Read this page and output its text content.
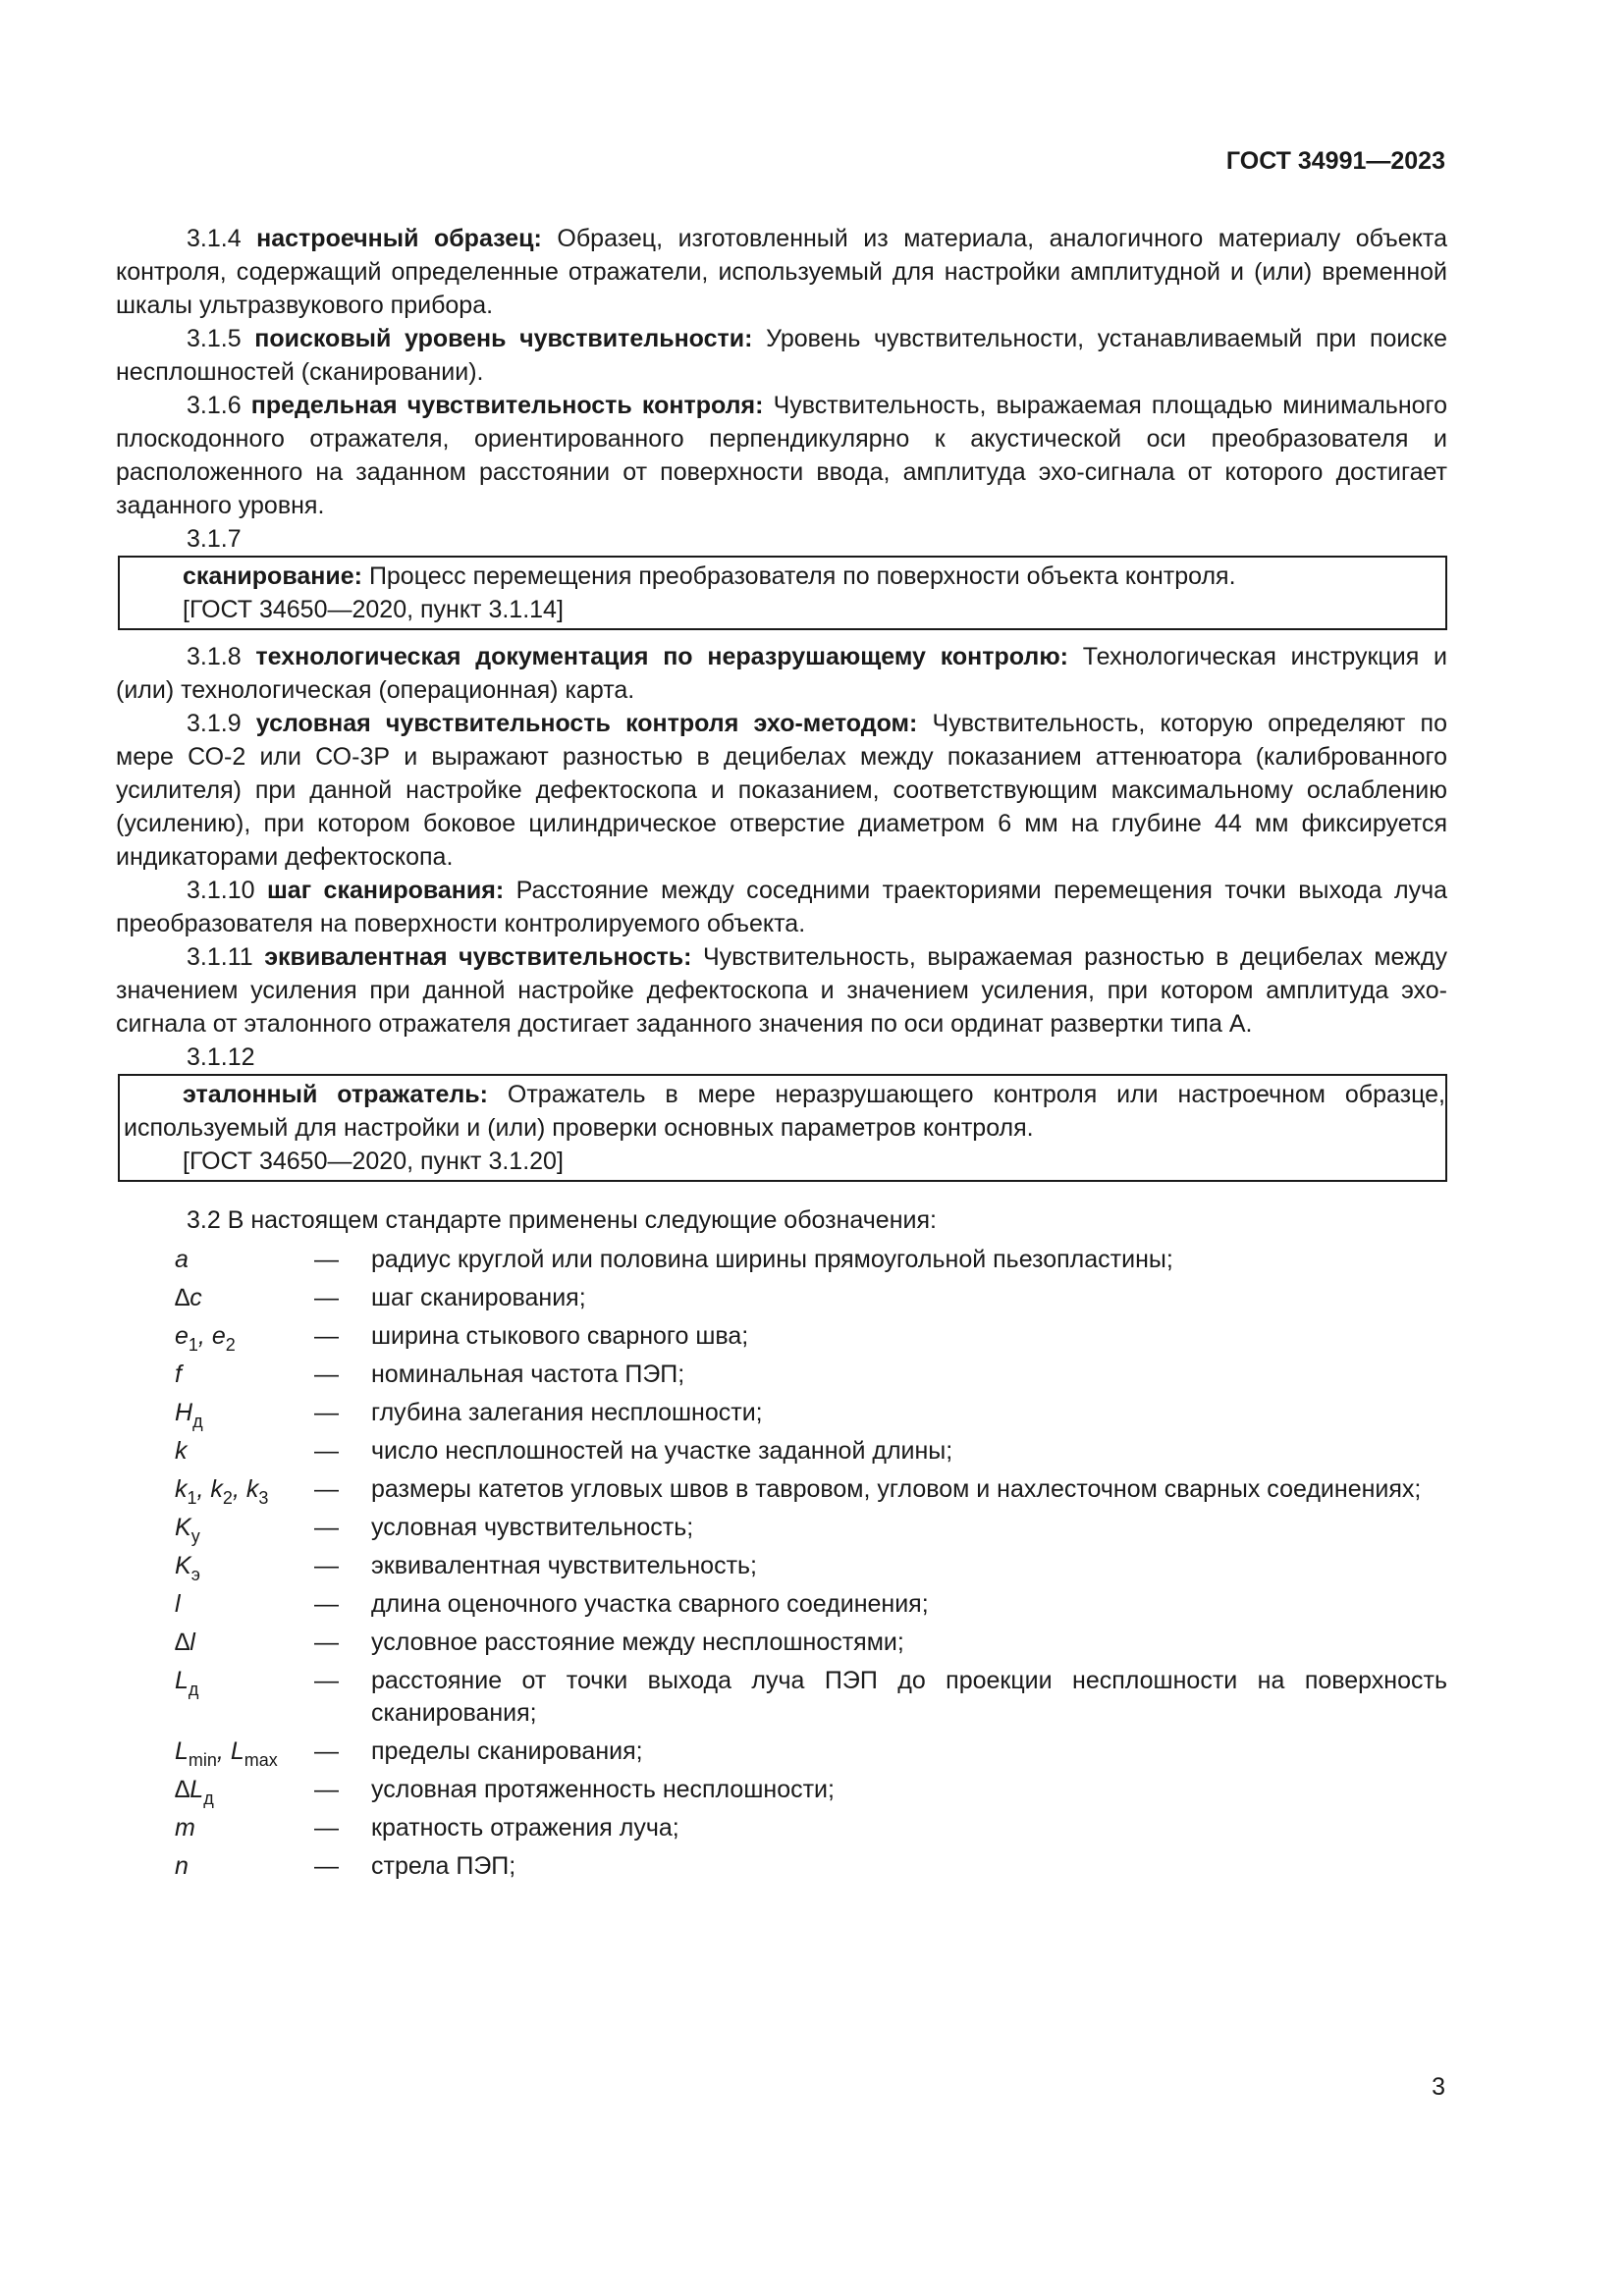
ГОСТ 34991—2023

3.1.4 настроечный образец: Образец, изготовленный из материала, аналогичного материалу объекта контроля, содержащий определенные отражатели, используемый для настройки амплитудной и (или) временной шкалы ультразвукового прибора.

3.1.5 поисковый уровень чувствительности: Уровень чувствительности, устанавливаемый при поиске несплошностей (сканировании).

3.1.6 предельная чувствительность контроля: Чувствительность, выражаемая площадью минимального плоскодонного отражателя, ориентированного перпендикулярно к акустической оси преобразователя и расположенного на заданном расстоянии от поверхности ввода, амплитуда эхо-сигнала от которого достигает заданного уровня.

3.1.7

сканирование: Процесс перемещения преобразователя по поверхности объекта контроля.

[ГОСТ 34650—2020, пункт 3.1.14]

3.1.8 технологическая документация по неразрушающему контролю: Технологическая инструкция и (или) технологическая (операционная) карта.

3.1.9 условная чувствительность контроля эхо-методом: Чувствительность, которую определяют по мере СО-2 или СО-3Р и выражают разностью в децибелах между показанием аттенюатора (калиброванного усилителя) при данной настройке дефектоскопа и показанием, соответствующим максимальному ослаблению (усилению), при котором боковое цилиндрическое отверстие диаметром 6 мм на глубине 44 мм фиксируется индикаторами дефектоскопа.

3.1.10 шаг сканирования: Расстояние между соседними траекториями перемещения точки выхода луча преобразователя на поверхности контролируемого объекта.

3.1.11 эквивалентная чувствительность: Чувствительность, выражаемая разностью в децибелах между значением усиления при данной настройке дефектоскопа и значением усиления, при котором амплитуда эхо-сигнала от эталонного отражателя достигает заданного значения по оси ординат развертки типа А.

3.1.12

эталонный отражатель: Отражатель в мере неразрушающего контроля или настроечном образце, используемый для настройки и (или) проверки основных параметров контроля.

[ГОСТ 34650—2020, пункт 3.1.20]

3.2 В настоящем стандарте применены следующие обозначения:

a	—	радиус круглой или половина ширины прямоугольной пьезопластины;
∆c	—	шаг сканирования;
$e_1$, $e_2$	—	ширина стыкового сварного шва;
f	—	номинальная частота ПЭП;
$H_д$	—	глубина залегания несплошности;
k	—	число несплошностей на участке заданной длины;
$k_1$, $k_2$, $k_3$	—	размеры катетов угловых швов в тавровом, угловом и нахлесточном сварных соединениях;
$K_у$	—	условная чувствительность;
$K_э$	—	эквивалентная чувствительность;
l	—	длина оценочного участка сварного соединения;
∆l	—	условное расстояние между несплошностями;
$L_д$	—	расстояние от точки выхода луча ПЭП до проекции несплошности на поверхность сканирования;
$L_{min}$, $L_{max}$	—	пределы сканирования;
$\Delta L_д$	—	условная протяженность несплошности;
m	—	кратность отражения луча;
n	—	стрела ПЭП;
3
